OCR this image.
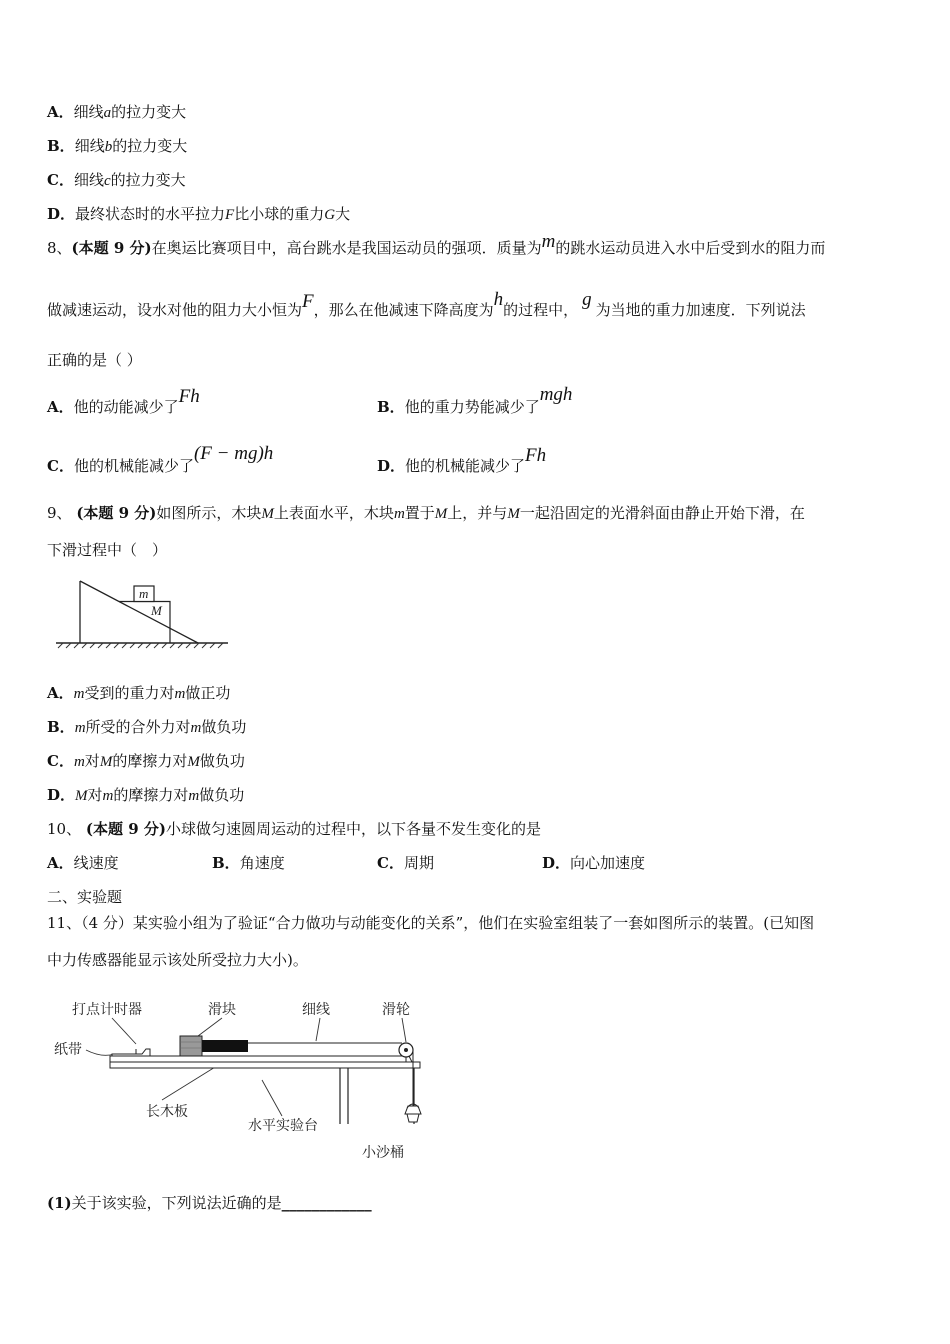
A．细线a的拉力变大
B．细线b的拉力变大
C．细线c的拉力变大
D．最终状态时的水平拉力F比小球的重力G大
8、(本题 9 分)在奥运比赛项目中，高台跳水是我国运动员的强项．质量为m的跳水运动员进入水中后受到水的阻力而
做减速运动，设水对他的阻力大小恒为F，那么在他减速下降高度为h的过程中， g 为当地的重力加速度．下列说法
正确的是（ ）
A．他的动能减少了Fh	B．他的重力势能减少了mgh
C．他的机械能减少了(F − mg)h
D．他的机械能减少了Fh
9、 (本题 9 分)如图所示，木块M上表面水平，木块m置于M上，并与M一起沿固定的光滑斜面由静止开始下滑，在
下滑过程中（　）
M
m
A．m受到的重力对m做正功
B．m所受的合外力对m做负功
C．m对M的摩擦力对M做负功
D．M对m的摩擦力对m做负功
10、 (本题 9 分)小球做匀速圆周运动的过程中，以下各量不发生变化的是
A．线速度	B．角速度	C．周期	D．向心加速度
二、实验题
11、（4 分）某实验小组为了验证“合力做功与动能变化的关系”，他们在实验室组装了一套如图所示的装置。(已知图
中力传感器能显示该处所受拉力大小)。
打点计时器	滑块	细线	滑轮
纸带
长木板
水平实验台
小沙桶
(1)关于该实验，下列说法近确的是____________
